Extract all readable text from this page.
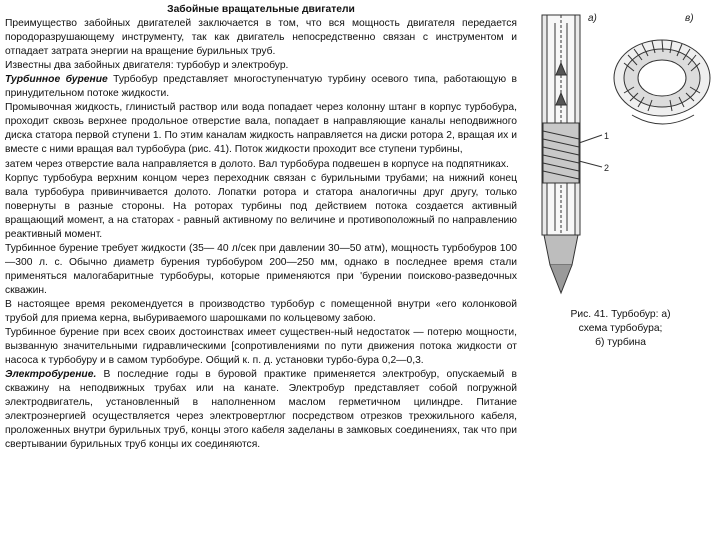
Забойные вращательные двигатели

Преимущество забойных двигателей заключается в том, что вся мощность двигателя передается породоразрушающему инструменту, так как двигатель непосредственно связан с инструментом и отпадает затрата энергии на вращение бурильных труб.

Известны два забойных двигателя: турбобур и электробур.

Турбинное бурение Турбобур представляет многоступенчатую турбину осевого типа, работающую в принудительном потоке жидкости.

Промывочная жидкость, глинистый раствор или вода попадает через колонну штанг в корпус турбобура, проходит сквозь верхнее продольное отверстие вала, попадает в направляющие каналы неподвижного диска статора первой ступени 1. По этим каналам жидкость направляется на диски ротора 2, вращая их и вместе с ними вращая вал турбобура (рис. 41). Поток жидкости проходит все ступени турбины,

затем через отверстие вала направляется в долото. Вал турбобура подвешен в корпусе на подпятниках.

Корпус турбобура верхним концом через переходник связан с бурильными трубами; на нижний конец вала турбобура привинчивается долото. Лопатки ротора и статора аналогичны друг другу, только повернуты в разные стороны. На роторах турбины под действием потока создается активный вращающий момент, а на статорах - равный активному по величине и противоположный по направлению реактивный момент.

Турбинное бурение требует жидкости (35— 40 л/сек при давлении 30—50 атм), мощность турбобуров 100—300 л. с. Обычно диаметр бурения турбобуром 200—250 мм, однако в последнее время стали применяться малогабаритные турбобуры, которые применяются при 'бурении поисково-разведочных скважин.

В настоящее время рекомендуется в производство турбобур с помещенной внутри «его колонковой трубой для приема керна, выбуриваемого шарошками по кольцевому забою.

Турбинное бурение при всех своих достоинствах имеет существен-ный недостаток — потерю мощности, вызванную значительными гидравлическими [сопротивлениями по пути движения потока жидкости от насоса к турбобуру и в самом турбобуре. Общий к. п. д. установки турбо-бура 0,2—0,3.

Электробурение. В последние годы в буровой практике применяется электробур, опускаемый в скважину на неподвижных трубах или на канате. Электробур представляет собой погружной электродвигатель, установленный в наполненном маслом герметичном цилиндре. Питание электроэнергией осуществляется через электровертлюг посредством отрезков трехжильного кабеля, проложенных внутри бурильных труб, концы этого кабеля заделаны в замковых соединениях, так что при свертывании бурильных труб концы их соединяются.

а)
1
2
в)
Рис. 41. Турбобур: а)
схема турбобура;
б) турбина
